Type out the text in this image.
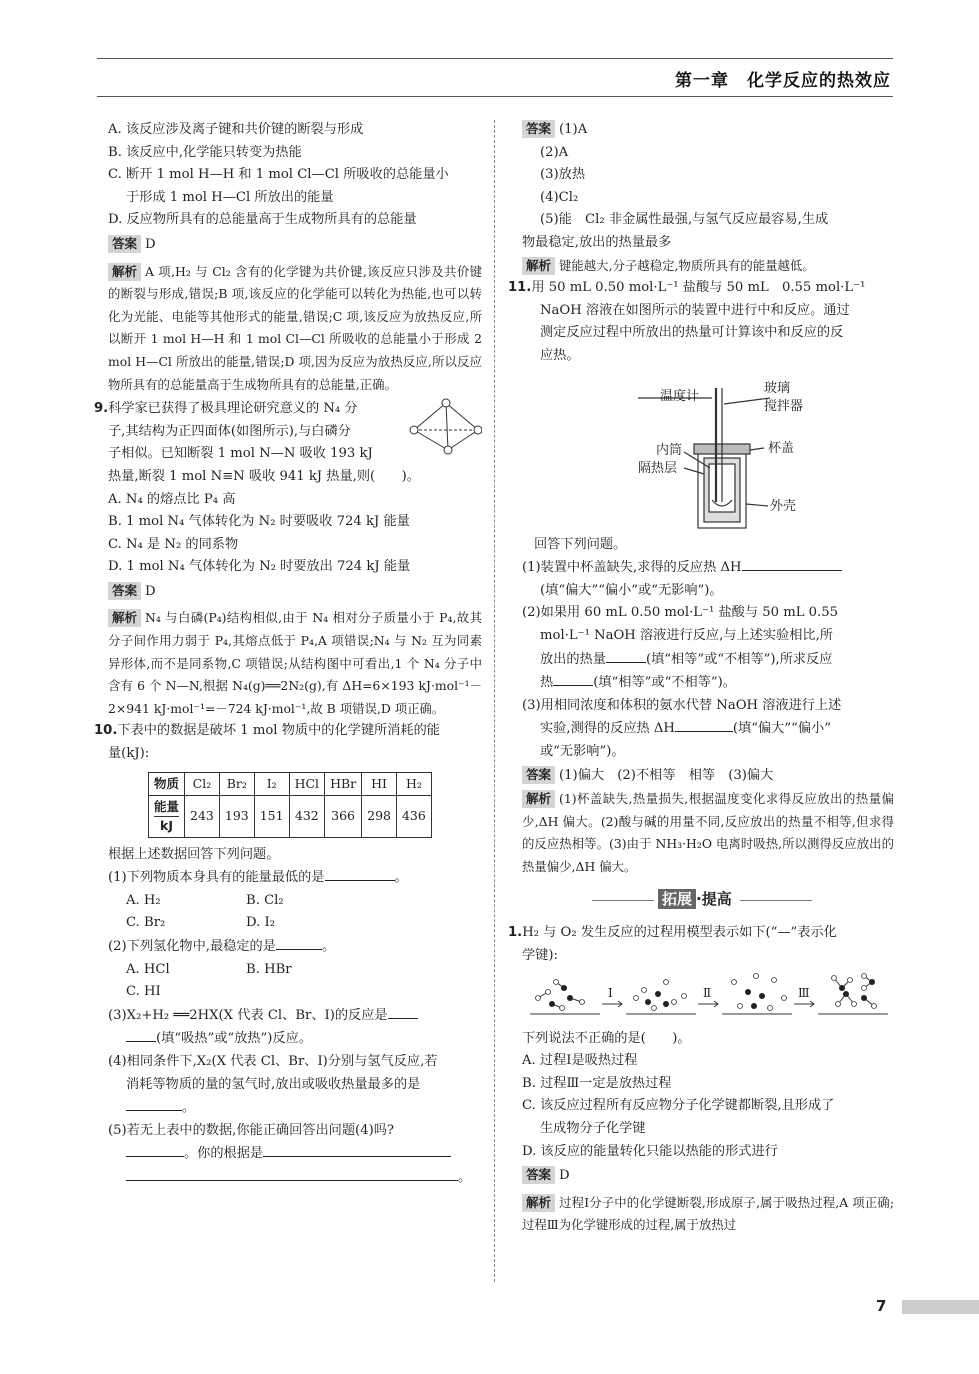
第一章　化学反应的热效应

A. 该反应涉及离子键和共价键的断裂与形成

B. 该反应中,化学能只转变为热能

C. 断开 1 mol H—H 和 1 mol Cl—Cl 所吸收的总能量小

于形成 1 mol H—Cl 所放出的能量

D. 反应物所具有的总能量高于生成物所具有的总能量

答案 D

解析 A 项,H₂ 与 Cl₂ 含有的化学键为共价键,该反应只涉及共价键的断裂与形成,错误;B 项,该反应的化学能可以转化为热能,也可以转化为光能、电能等其他形式的能量,错误;C 项,该反应为放热反应,所以断开 1 mol H—H 和 1 mol Cl—Cl 所吸收的总能量小于形成 2 mol H—Cl 所放出的能量,错误;D 项,因为反应为放热反应,所以反应物所具有的总能量高于生成物所具有的总能量,正确。

9.科学家已获得了极具理论研究意义的 N₄ 分

子,其结构为正四面体(如图所示),与白磷分

子相似。已知断裂 1 mol N—N 吸收 193 kJ

热量,断裂 1 mol N≡N 吸收 941 kJ 热量,则(　　)。

A. N₄ 的熔点比 P₄ 高

B. 1 mol N₄ 气体转化为 N₂ 时要吸收 724 kJ 能量

C. N₄ 是 N₂ 的同系物

D. 1 mol N₄ 气体转化为 N₂ 时要放出 724 kJ 能量

答案 D

解析 N₄ 与白磷(P₄)结构相似,由于 N₄ 相对分子质量小于 P₄,故其分子间作用力弱于 P₄,其熔点低于 P₄,A 项错误;N₄ 与 N₂ 互为同素异形体,而不是同系物,C 项错误;从结构图中可看出,1 个 N₄ 分子中含有 6 个 N—N,根据 N₄(g)══2N₂(g),有 ΔH=6×193 kJ·mol⁻¹－2×941 kJ·mol⁻¹=－724 kJ·mol⁻¹,故 B 项错误,D 项正确。

10.下表中的数据是破坏 1 mol 物质中的化学键所消耗的能

量(kJ):

物质	Cl₂	Br₂	I₂	HCl	HBr	HI	H₂

能量
kJ	243	193	151	432	366	298	436

根据上述数据回答下列问题。

(1)下列物质本身具有的能量最低的是	。

A. H₂	B. Cl₂
C. Br₂	D. I₂

(2)下列氢化物中,最稳定的是	。

A. HCl	B. HBr
C. HI

(3)X₂+H₂ ══2HX(X 代表 Cl、Br、I)的反应是

(填“吸热”或“放热”)反应。

(4)相同条件下,X₂(X 代表 Cl、Br、I)分别与氢气反应,若

消耗等物质的量的氢气时,放出或吸收热量最多的是

。

(5)若无上表中的数据,你能正确回答出问题(4)吗?

。你的根据是

。

答案 (1)A

(2)A

(3)放热

(4)Cl₂

(5)能　Cl₂ 非金属性最强,与氢气反应最容易,生成

物最稳定,放出的热量最多

解析 键能越大,分子越稳定,物质所具有的能量越低。

11.用 50 mL 0.50 mol·L⁻¹ 盐酸与 50 mL　0.55 mol·L⁻¹

NaOH 溶液在如图所示的装置中进行中和反应。通过

测定反应过程中所放出的热量可计算该中和反应的反

应热。

温度计
玻璃
搅拌器
内筒
隔热层
杯盖
外壳

回答下列问题。

(1)装置中杯盖缺失,求得的反应热 ΔH

(填“偏大”“偏小”或“无影响”)。

(2)如果用 60 mL 0.50 mol·L⁻¹ 盐酸与 50 mL 0.55

mol·L⁻¹ NaOH 溶液进行反应,与上述实验相比,所

放出的热量	(填“相等”或“不相等”),所求反应

热	(填“相等”或“不相等”)。

(3)用相同浓度和体积的氨水代替 NaOH 溶液进行上述

实验,测得的反应热 ΔH	(填“偏大”“偏小”

或“无影响”)。

答案 (1)偏大　(2)不相等　相等　(3)偏大

解析 (1)杯盖缺失,热量损失,根据温度变化求得反应放出的热量偏少,ΔH 偏大。(2)酸与碱的用量不同,反应放出的热量不相等,但求得的反应热相等。(3)由于 NH₃·H₂O 电离时吸热,所以测得反应放出的热量偏少,ΔH 偏大。

拓展 ·提高

1.H₂ 与 O₂ 发生反应的过程用模型表示如下(“—”表示化

学键):

Ⅰ	Ⅱ	Ⅲ

下列说法不正确的是(　　)。

A. 过程Ⅰ是吸热过程

B. 过程Ⅲ一定是放热过程

C. 该反应过程所有反应物分子化学键都断裂,且形成了

生成物分子化学键

D. 该反应的能量转化只能以热能的形式进行

答案 D

解析 过程Ⅰ分子中的化学键断裂,形成原子,属于吸热过程,A 项正确;过程Ⅲ为化学键形成的过程,属于放热过

7
